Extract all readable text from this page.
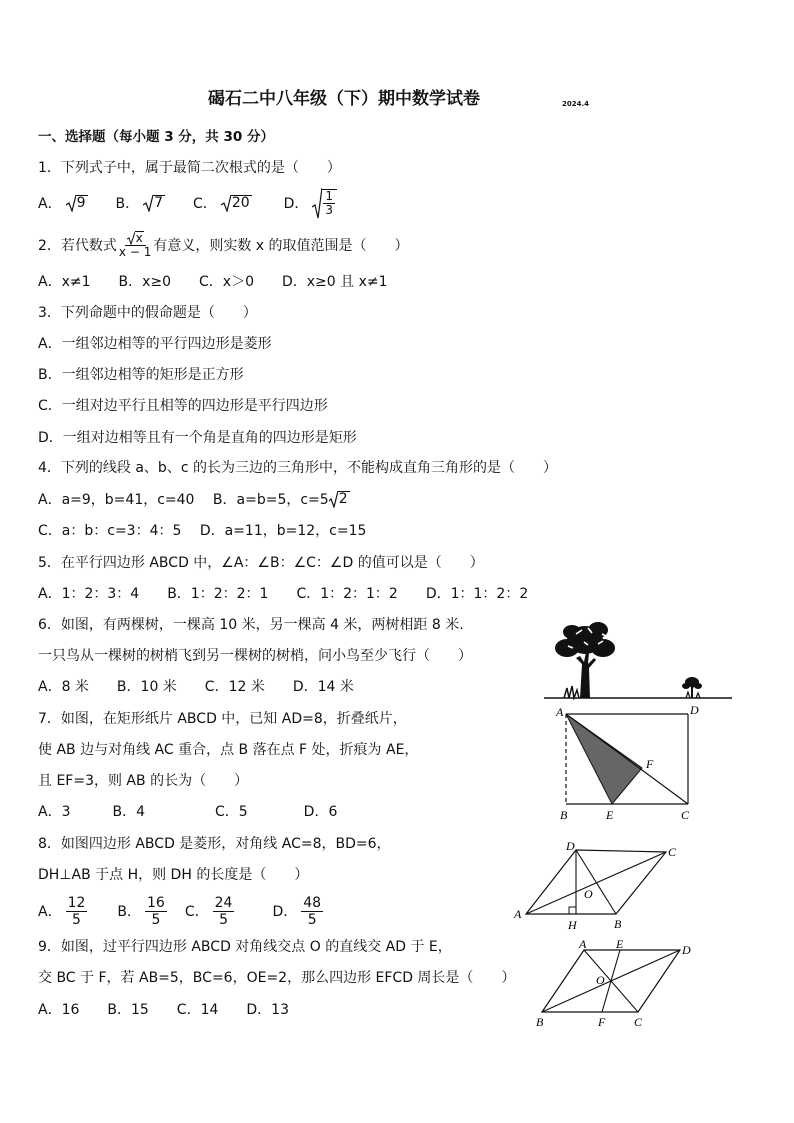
碣石二中八年级（下）期中数学试卷	2024.4
一、选择题（每小题 3 分，共 30 分）
1．下列式子中，属于最简二次根式的是（　　）
A． 9 B． 7 C． 20 D． $\frac{1}{3}$
2．若代数式 $\frac{x}{x - 1}$ 有意义，则实数 x 的取值范围是（　　）
A．x≠1　　B．x≥0　　C．x＞0　　D．x≥0 且 x≠1
3．下列命题中的假命题是（　　）
A．一组邻边相等的平行四边形是菱形
B．一组邻边相等的矩形是正方形
C．一组对边平行且相等的四边形是平行四边形
D．一组对边相等且有一个角是直角的四边形是矩形
4．下列的线段 a、b、c 的长为三边的三角形中，不能构成直角三角形的是（　　）
A．a=9，b=41，c=40　 B．a=b=5，c=5 2
C．a：b：c=3：4：5　 D．a=11，b=12，c=15
5．在平行四边形 ABCD 中，∠A：∠B：∠C：∠D 的值可以是（　　）
A．1：2：3：4　　B．1：2：2：1　　C．1：2：1：2　　D．1：1：2：2
6．如图，有两棵树，一棵高 10 米，另一棵高 4 米，两树相距 8 米.
一只鸟从一棵树的树梢飞到另一棵树的树梢，问小鸟至少飞行（　　）
A．8 米　　B．10 米　　C．12 米　　D．14 米
7．如图，在矩形纸片 ABCD 中，已知 AD=8，折叠纸片，
使 AB 边与对角线 AC 重合，点 B 落在点 F 处，折痕为 AE，
且 EF=3，则 AB 的长为（　　）
A．3　　　B．4　　　　　C．5　　　　D．6
A	D
B	E	C
F
8．如图四边形 ABCD 是菱形，对角线 AC=8，BD=6，
DH⊥AB 于点 H，则 DH 的长度是（　　）
A． $\frac{12}{5}$ B． $\frac{16}{5}$ C． $\frac{24}{5}$	D． $\frac{48}{5}$	A
D	C
B
O
H
9．如图，过平行四边形 ABCD 对角线交点 O 的直线交 AD 于 E，
交 BC 于 F，若 AB=5，BC=6，OE=2，那么四边形 EFCD 周长是（　　）
A．16　　B．15　　C．14　　D．13
A E	D
O
B	F C
